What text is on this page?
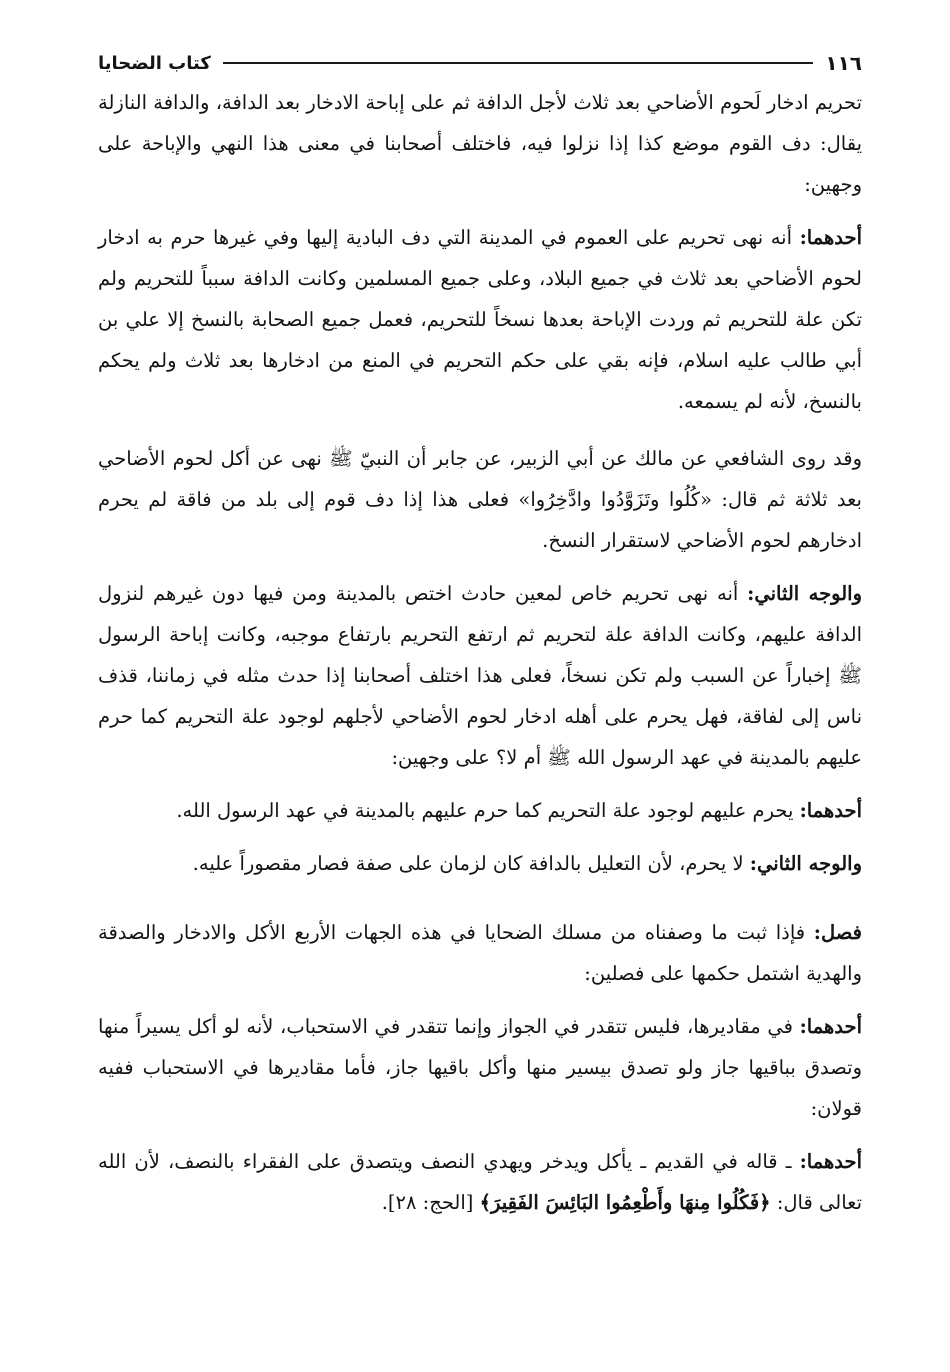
١١٦
كتاب الضحايا

تحريم ادخار لَحوم الأضاحي بعد ثلاث لأجل الدافة ثم على إباحة الادخار بعد الدافة، والدافة النازلة يقال: دف القوم موضع كذا إذا نزلوا فيه، فاختلف أصحابنا في معنى هذا النهي والإباحة على وجهين:

أحدهما: أنه نهى تحريم على العموم في المدينة التي دف البادية إليها وفي غيرها حرم به ادخار لحوم الأضاحي بعد ثلاث في جميع البلاد، وعلى جميع المسلمين وكانت الدافة سبباً للتحريم ولم تكن علة للتحريم ثم وردت الإباحة بعدها نسخاً للتحريم، فعمل جميع الصحابة بالنسخ إلا علي بن أبي طالب عليه اسلام، فإنه بقي على حكم التحريم في المنع من ادخارها بعد ثلاث ولم يحكم بالنسخ، لأنه لم يسمعه.

وقد روى الشافعي عن مالك عن أبي الزبير، عن جابر أن النبيّ ﷺ نهى عن أكل لحوم الأضاحي بعد ثلاثة ثم قال: «كُلُوا وتَزَوَّدُوا وادَّخِرُوا» فعلى هذا إذا دف قوم إلى بلد من فاقة لم يحرم ادخارهم لحوم الأضاحي لاستقرار النسخ.

والوجه الثاني: أنه نهى تحريم خاص لمعين حادث اختص بالمدينة ومن فيها دون غيرهم لنزول الدافة عليهم، وكانت الدافة علة لتحريم ثم ارتفع التحريم بارتفاع موجبه، وكانت إباحة الرسول ﷺ إخباراً عن السبب ولم تكن نسخاً، فعلى هذا اختلف أصحابنا إذا حدث مثله في زماننا، قذف ناس إلى لفاقة، فهل يحرم على أهله ادخار لحوم الأضاحي لأجلهم لوجود علة التحريم كما حرم عليهم بالمدينة في عهد الرسول الله ﷺ أم لا؟ على وجهين:

أحدهما: يحرم عليهم لوجود علة التحريم كما حرم عليهم بالمدينة في عهد الرسول الله.

والوجه الثاني: لا يحرم، لأن التعليل بالدافة كان لزمان على صفة فصار مقصوراً عليه.

فصل: فإذا ثبت ما وصفناه من مسلك الضحايا في هذه الجهات الأربع الأكل والادخار والصدقة والهدية اشتمل حكمها على فصلين:

أحدهما: في مقاديرها، فليس تتقدر في الجواز وإنما تتقدر في الاستحباب، لأنه لو أكل يسيراً منها وتصدق بباقيها جاز ولو تصدق بيسير منها وأكل باقيها جاز، فأما مقاديرها في الاستحباب ففيه قولان:

أحدهما: ـ قاله في القديم ـ يأكل ويدخر ويهدي النصف ويتصدق على الفقراء بالنصف، لأن الله تعالى قال: ﴿فَكُلُوا مِنهَا وأَطْعِمُوا البَائِسَ الفَقِيرَ﴾ [الحج: ٢٨].
